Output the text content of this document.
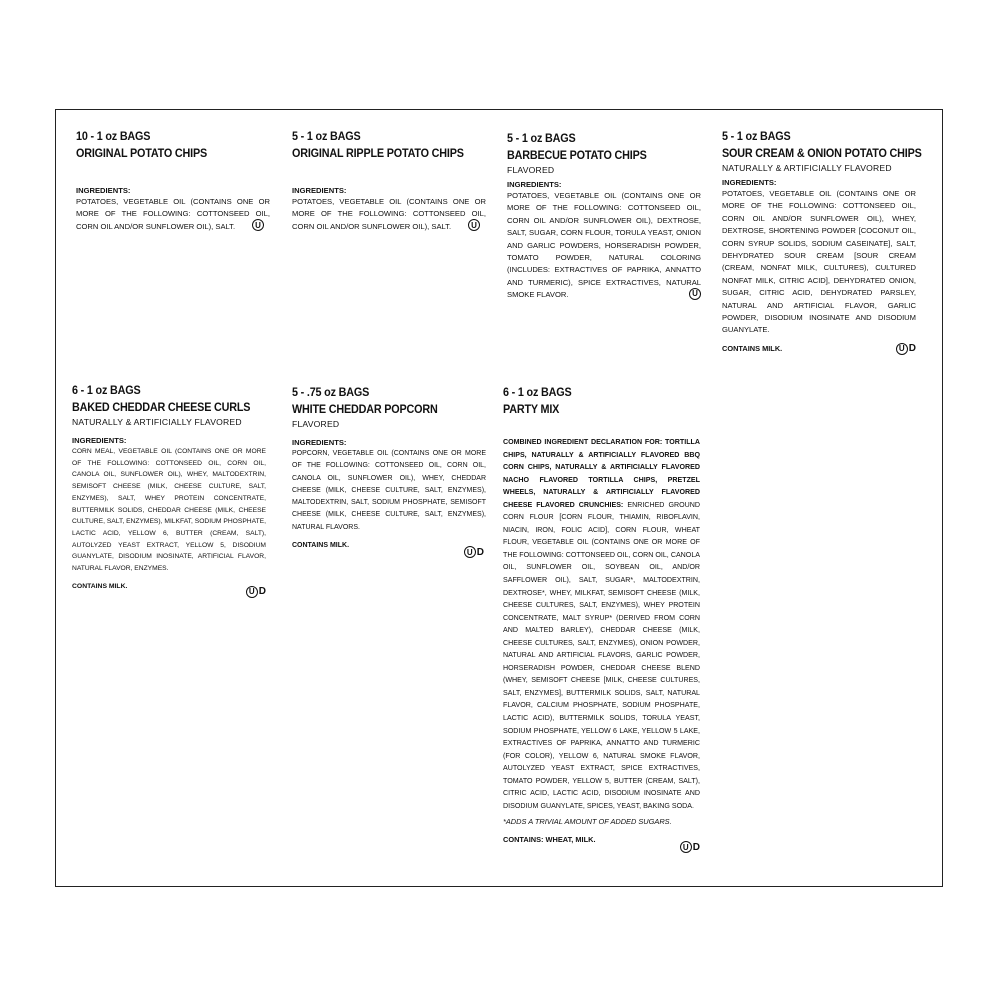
10 - 1 oz BAGS
ORIGINAL POTATO CHIPS
INGREDIENTS:
POTATOES, VEGETABLE OIL (CONTAINS ONE OR MORE OF THE FOLLOWING: COTTONSEED OIL, CORN OIL AND/OR SUNFLOWER OIL), SALT.	U
5 - 1 oz BAGS
ORIGINAL RIPPLE POTATO CHIPS
INGREDIENTS:
POTATOES, VEGETABLE OIL (CONTAINS ONE OR MORE OF THE FOLLOWING: COTTONSEED OIL, CORN OIL AND/OR SUNFLOWER OIL), SALT.	U
5 - 1 oz BAGS
BARBECUE POTATO CHIPS
FLAVORED
INGREDIENTS:
POTATOES, VEGETABLE OIL (CONTAINS ONE OR MORE OF THE FOLLOWING: COTTONSEED OIL, CORN OIL AND/OR SUNFLOWER OIL), DEXTROSE, SALT, SUGAR, CORN FLOUR, TORULA YEAST, ONION AND GARLIC POWDERS, HORSERADISH POWDER, TOMATO POWDER, NATURAL COLORING (INCLUDES: EXTRACTIVES OF PAPRIKA, ANNATTO AND TURMERIC), SPICE EXTRACTIVES, NATURAL SMOKE FLAVOR.	U
5 - 1 oz BAGS
SOUR CREAM & ONION POTATO CHIPS
NATURALLY & ARTIFICIALLY FLAVORED
INGREDIENTS:
POTATOES, VEGETABLE OIL (CONTAINS ONE OR MORE OF THE FOLLOWING: COTTONSEED OIL, CORN OIL AND/OR SUNFLOWER OIL), WHEY, DEXTROSE, SHORTENING POWDER [COCONUT OIL, CORN SYRUP SOLIDS, SODIUM CASEINATE], SALT, DEHYDRATED SOUR CREAM [SOUR CREAM (CREAM, NONFAT MILK, CULTURES), CULTURED NONFAT MILK, CITRIC ACID], DEHYDRATED ONION, SUGAR, CITRIC ACID, DEHYDRATED PARSLEY, NATURAL AND ARTIFICIAL FLAVOR, GARLIC POWDER, DISODIUM INOSINATE AND DISODIUM GUANYLATE.
CONTAINS MILK.	U D
6 - 1 oz BAGS
BAKED CHEDDAR CHEESE CURLS
NATURALLY & ARTIFICIALLY FLAVORED
INGREDIENTS:
CORN MEAL, VEGETABLE OIL (CONTAINS ONE OR MORE OF THE FOLLOWING: COTTONSEED OIL, CORN OIL, CANOLA OIL, SUNFLOWER OIL), WHEY, MALTODEXTRIN, SEMISOFT CHEESE (MILK, CHEESE CULTURE, SALT, ENZYMES), SALT, WHEY PROTEIN CONCENTRATE, BUTTERMILK SOLIDS, CHEDDAR CHEESE (MILK, CHEESE CULTURE, SALT, ENZYMES), MILKFAT, SODIUM PHOSPHATE, LACTIC ACID, YELLOW 6, BUTTER (CREAM, SALT), AUTOLYZED YEAST EXTRACT, YELLOW 5, DISODIUM GUANYLATE, DISODIUM INOSINATE, ARTIFICIAL FLAVOR, NATURAL FLAVOR, ENZYMES.
CONTAINS MILK.
U D
5 - .75 oz BAGS
WHITE CHEDDAR POPCORN
FLAVORED
INGREDIENTS:
POPCORN, VEGETABLE OIL (CONTAINS ONE OR MORE OF THE FOLLOWING: COTTONSEED OIL, CORN OIL, CANOLA OIL, SUNFLOWER OIL), WHEY, CHEDDAR CHEESE (MILK, CHEESE CULTURE, SALT, ENZYMES), MALTODEXTRIN, SALT, SODIUM PHOSPHATE, SEMISOFT CHEESE (MILK, CHEESE CULTURE, SALT, ENZYMES), NATURAL FLAVORS.
CONTAINS MILK.
U D
6 - 1 oz BAGS
PARTY MIX
COMBINED INGREDIENT DECLARATION FOR: TORTILLA CHIPS, NATURALLY & ARTIFICIALLY FLAVORED BBQ CORN CHIPS, NATURALLY & ARTIFICIALLY FLAVORED NACHO FLAVORED TORTILLA CHIPS, PRETZEL WHEELS, NATURALLY & ARTIFICIALLY FLAVORED CHEESE FLAVORED CRUNCHIES: ENRICHED GROUND CORN FLOUR [CORN FLOUR, THIAMIN, RIBOFLAVIN, NIACIN, IRON, FOLIC ACID], CORN FLOUR, WHEAT FLOUR, VEGETABLE OIL (CONTAINS ONE OR MORE OF THE FOLLOWING: COTTONSEED OIL, CORN OIL, CANOLA OIL, SUNFLOWER OIL, SOYBEAN OIL, AND/OR SAFFLOWER OIL), SALT, SUGAR*, MALTODEXTRIN, DEXTROSE*, WHEY, MILKFAT, SEMISOFT CHEESE (MILK, CHEESE CULTURES, SALT, ENZYMES), WHEY PROTEIN CONCENTRATE, MALT SYRUP* (DERIVED FROM CORN AND MALTED BARLEY), CHEDDAR CHEESE (MILK, CHEESE CULTURES, SALT, ENZYMES), ONION POWDER, NATURAL AND ARTIFICIAL FLAVORS, GARLIC POWDER, HORSERADISH POWDER, CHEDDAR CHEESE BLEND (WHEY, SEMISOFT CHEESE [MILK, CHEESE CULTURES, SALT, ENZYMES], BUTTERMILK SOLIDS, SALT, NATURAL FLAVOR, CALCIUM PHOSPHATE, SODIUM PHOSPHATE, LACTIC ACID), BUTTERMILK SOLIDS, TORULA YEAST, SODIUM PHOSPHATE, YELLOW 6 LAKE, YELLOW 5 LAKE, EXTRACTIVES OF PAPRIKA, ANNATTO AND TURMERIC (FOR COLOR), YELLOW 6, NATURAL SMOKE FLAVOR, AUTOLYZED YEAST EXTRACT, SPICE EXTRACTIVES, TOMATO POWDER, YELLOW 5, BUTTER (CREAM, SALT), CITRIC ACID, LACTIC ACID, DISODIUM INOSINATE AND DISODIUM GUANYLATE, SPICES, YEAST, BAKING SODA.
*ADDS A TRIVIAL AMOUNT OF ADDED SUGARS.
CONTAINS: WHEAT, MILK.
U D
